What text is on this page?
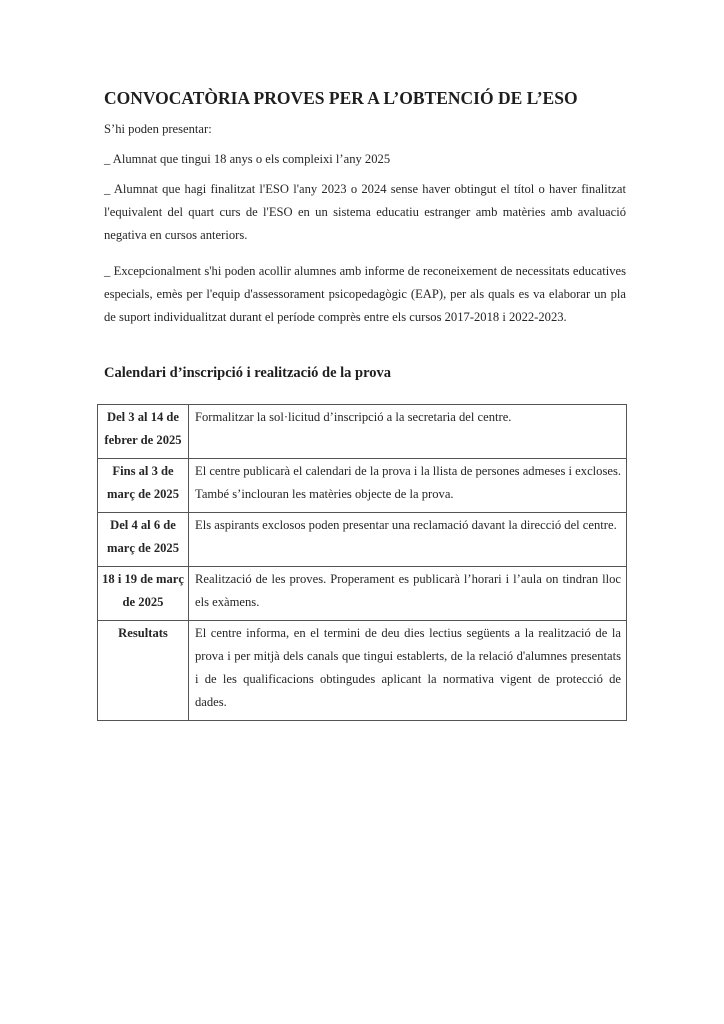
CONVOCATÒRIA PROVES PER A L’OBTENCIÓ DE L’ESO

S’hi poden presentar:

_ Alumnat que tingui 18 anys o els compleixi l’any 2025

_ Alumnat que hagi finalitzat l'ESO l'any 2023 o 2024 sense haver obtingut el títol o haver finalitzat l'equivalent del quart curs de l'ESO en un sistema educatiu estranger amb matèries amb avaluació negativa en cursos anteriors.

_ Excepcionalment s'hi poden acollir alumnes amb informe de reconeixement de necessitats educatives especials, emès per l'equip d'assessorament psicopedagògic (EAP), per als quals es va elaborar un pla de suport individualitzat durant el període comprès entre els cursos 2017-2018 i 2022-2023.

Calendari d’inscripció i realització de la prova
Del 3 al 14 de febrer de 2025	Formalitzar la sol·licitud d’inscripció a la secretaria del centre.
Fins al 3 de març de 2025	El centre publicarà el calendari de la prova i la llista de persones admeses i excloses. També s’inclouran les matèries objecte de la prova.
Del 4 al 6 de març de 2025	Els aspirants exclosos poden presentar una reclamació davant la direcció del centre.
18 i 19 de març de 2025	Realització de les proves. Properament es publicarà l’horari i l’aula on tindran lloc els exàmens.
Resultats	El centre informa, en el termini de deu dies lectius següents a la realització de la prova i per mitjà dels canals que tingui establerts, de la relació d'alumnes presentats i de les qualificacions obtingudes aplicant la normativa vigent de protecció de dades.
